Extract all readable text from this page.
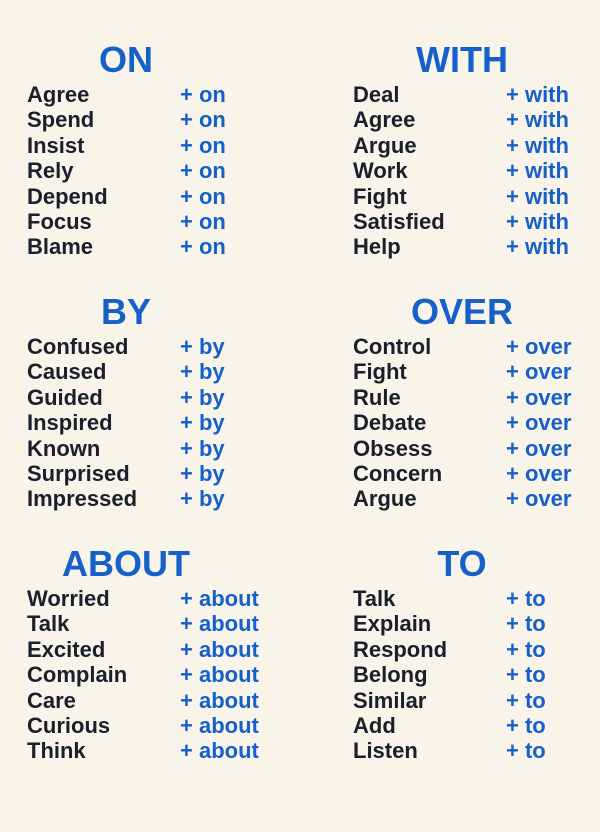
ON
Agree	+ on
Spend	+ on
Insist	+ on
Rely	+ on
Depend	+ on
Focus	+ on
Blame	+ on
WITH
Deal	+ with
Agree	+ with
Argue	+ with
Work	+ with
Fight	+ with
Satisfied	+ with
Help	+ with
BY
Confused + by
Caused	+ by
Guided	+ by
Inspired	+ by
Known	+ by
Surprised + by
Impressed + by
OVER
Control	+ over
Fight	+ over
Rule	+ over
Debate	+ over
Obsess	+ over
Concern	+ over
Argue	+ over
ABOUT
Worried	+ about
Talk	+ about
Excited	+ about
Complain + about
Care	+ about
Curious	+ about
Think	+ about
TO
Talk	+ to
Explain	+ to
Respond	+ to
Belong	+ to
Similar	+ to
Add	+ to
Listen	+ to
